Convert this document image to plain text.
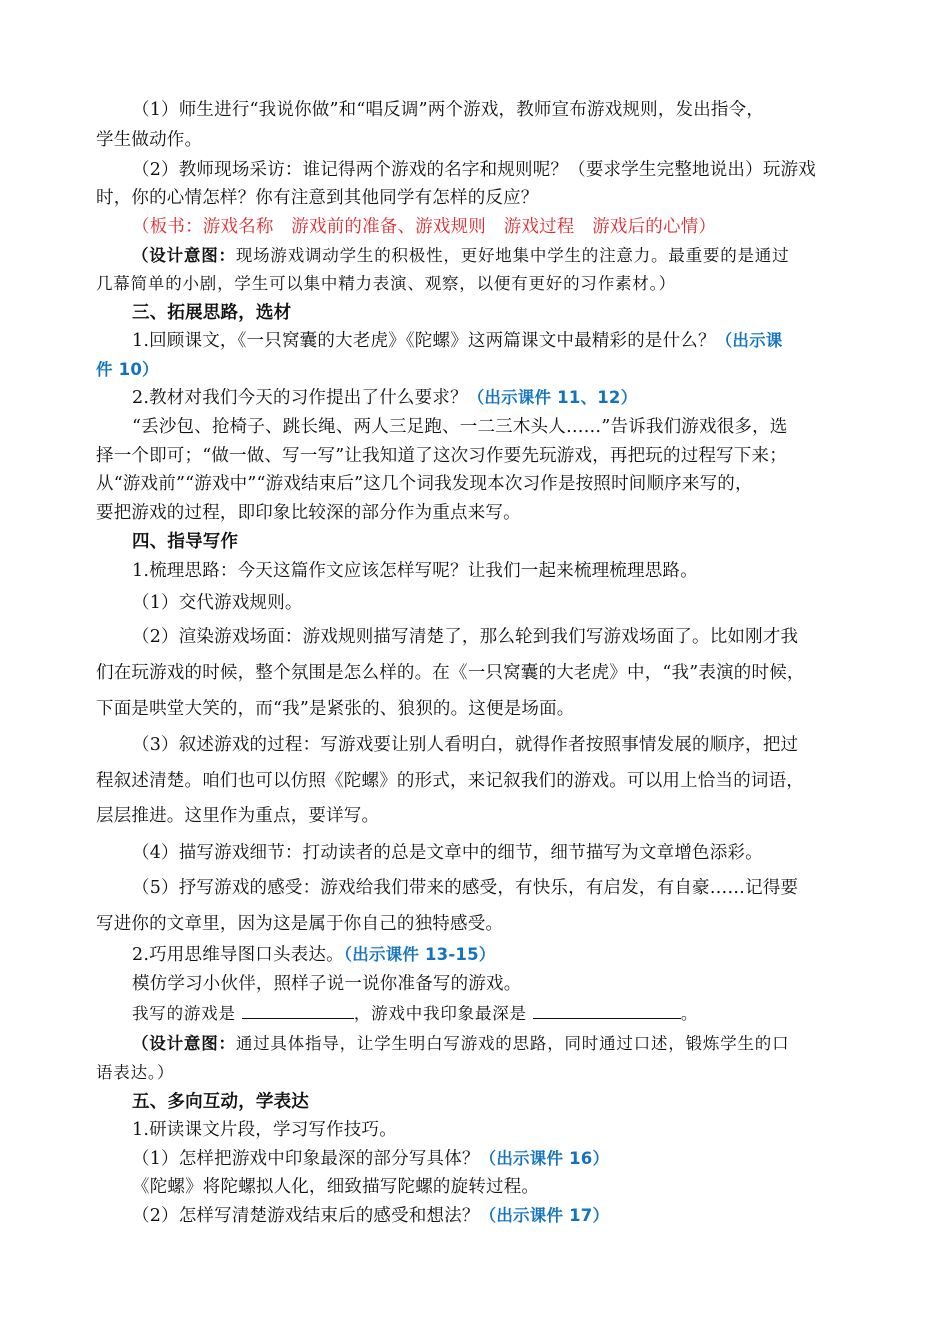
（1）师生进行“我说你做”和“唱反调”两个游戏，教师宣布游戏规则，发出指令，
学生做动作。
（2）教师现场采访：谁记得两个游戏的名字和规则呢？（要求学生完整地说出）玩游戏
时，你的心情怎样？你有注意到其他同学有怎样的反应？
（板书：游戏名称　游戏前的准备、游戏规则　游戏过程　游戏后的心情）
（设计意图：现场游戏调动学生的积极性，更好地集中学生的注意力。最重要的是通过
几幕简单的小剧，学生可以集中精力表演、观察，以便有更好的习作素材。）
三、拓展思路，选材
1.回顾课文，《一只窝囊的大老虎》《陀螺》这两篇课文中最精彩的是什么？（出示课
件 10）
2.教材对我们今天的习作提出了什么要求？（出示课件 11、12）
“丢沙包、抢椅子、跳长绳、两人三足跑、一二三木头人……”告诉我们游戏很多，选
择一个即可；“做一做、写一写”让我知道了这次习作要先玩游戏，再把玩的过程写下来；
从“游戏前”“游戏中”“游戏结束后”这几个词我发现本次习作是按照时间顺序来写的，
要把游戏的过程，即印象比较深的部分作为重点来写。
四、指导写作
1.梳理思路：今天这篇作文应该怎样写呢？让我们一起来梳理梳理思路。
（1）交代游戏规则。
（2）渲染游戏场面：游戏规则描写清楚了，那么轮到我们写游戏场面了。比如刚才我
们在玩游戏的时候，整个氛围是怎么样的。在《一只窝囊的大老虎》中，“我”表演的时候，
下面是哄堂大笑的，而“我”是紧张的、狼狈的。这便是场面。
（3）叙述游戏的过程：写游戏要让别人看明白，就得作者按照事情发展的顺序，把过
程叙述清楚。咱们也可以仿照《陀螺》的形式，来记叙我们的游戏。可以用上恰当的词语，
层层推进。这里作为重点，要详写。
（4）描写游戏细节：打动读者的总是文章中的细节，细节描写为文章增色添彩。
（5）抒写游戏的感受：游戏给我们带来的感受，有快乐，有启发，有自豪……记得要
写进你的文章里，因为这是属于你自己的独特感受。
2.巧用思维导图口头表达。（出示课件 13-15）
模仿学习小伙伴，照样子说一说你准备写的游戏。
我写的游戏是	，游戏中我印象最深是	。
（设计意图：通过具体指导，让学生明白写游戏的思路，同时通过口述，锻炼学生的口
语表达。）
五、多向互动，学表达
1.研读课文片段，学习写作技巧。
（1）怎样把游戏中印象最深的部分写具体？（出示课件 16）
《陀螺》将陀螺拟人化，细致描写陀螺的旋转过程。
（2）怎样写清楚游戏结束后的感受和想法？（出示课件 17）
